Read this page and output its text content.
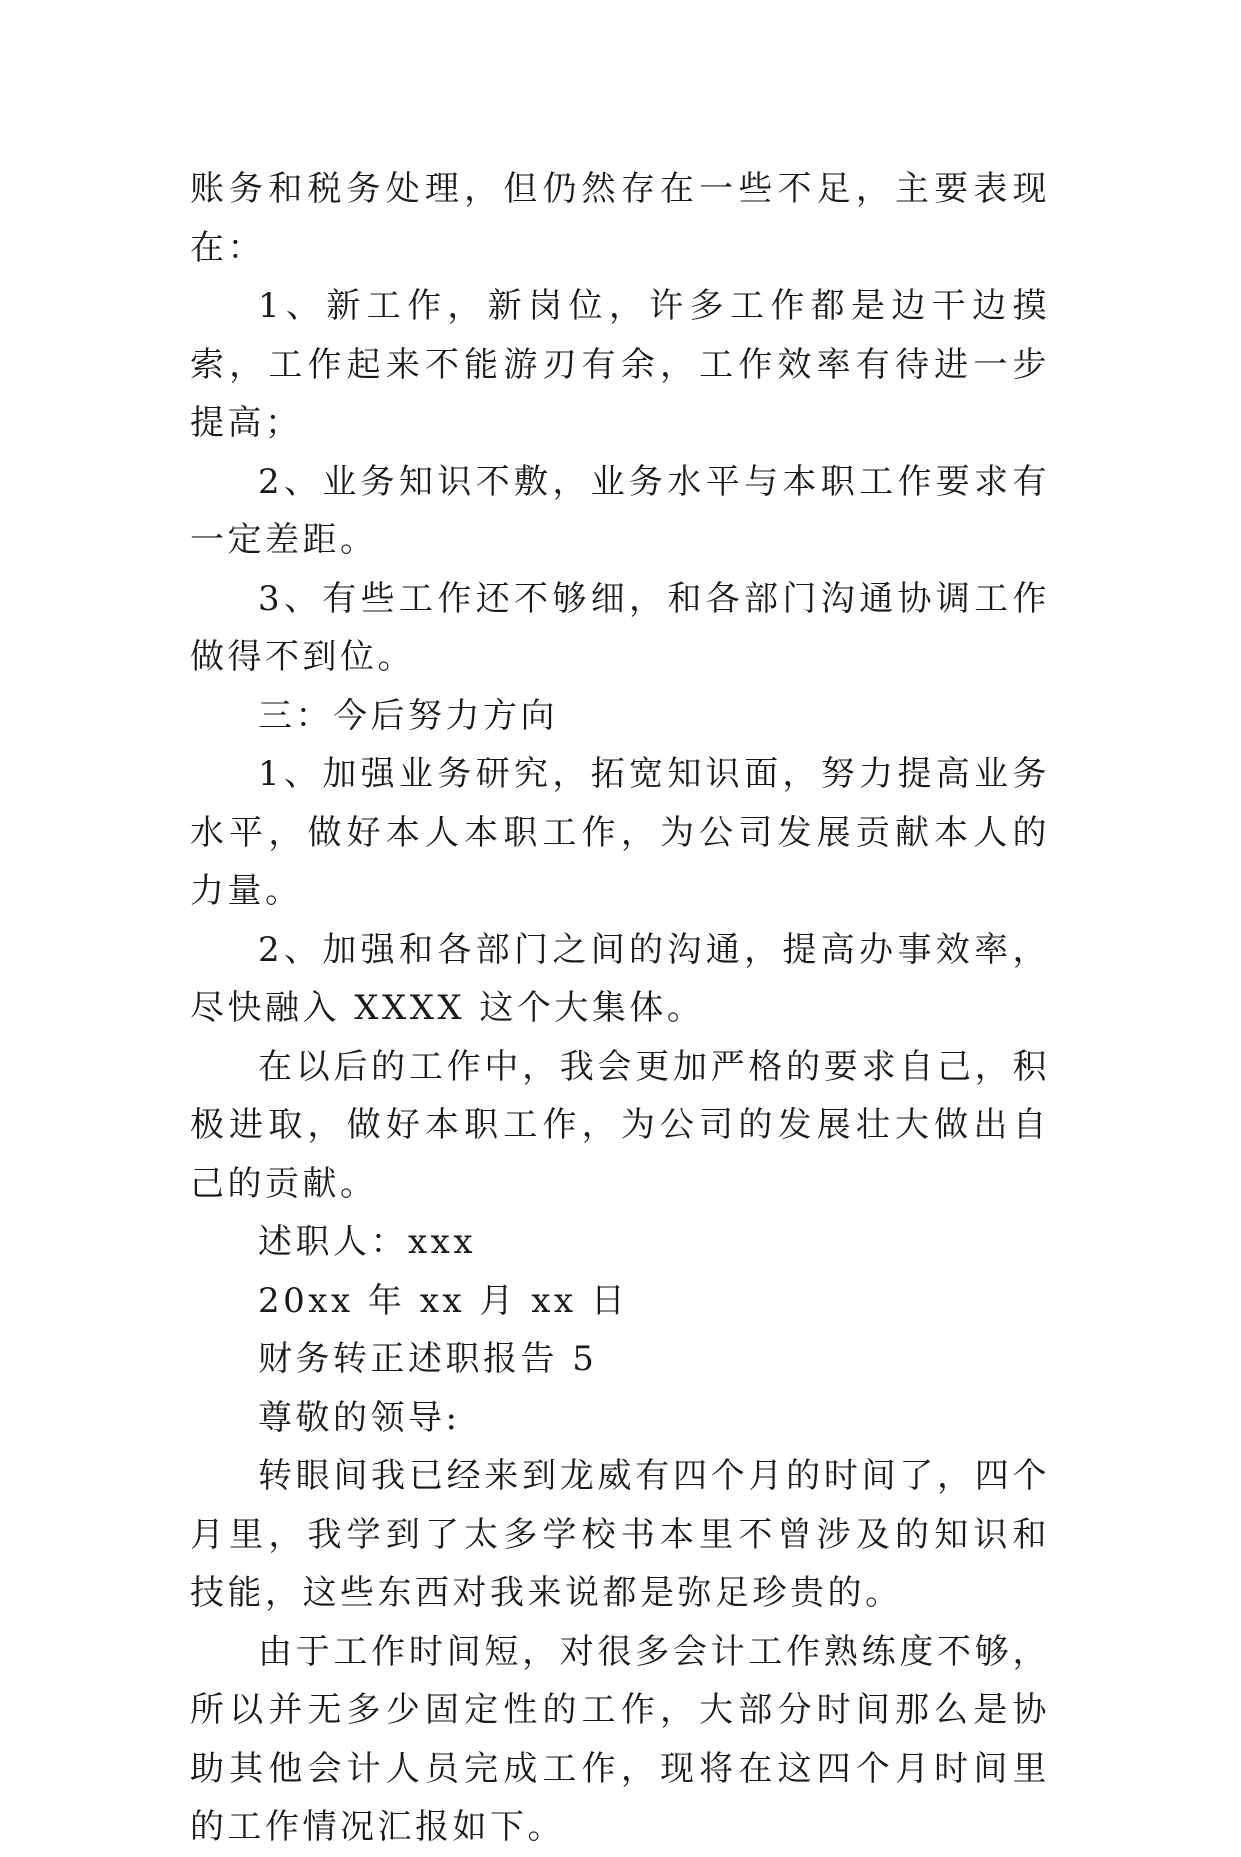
账务和税务处理，但仍然存在一些不足，主要表现在：

1、新工作，新岗位，许多工作都是边干边摸索，工作起来不能游刃有余，工作效率有待进一步提高；

2、业务知识不敷，业务水平与本职工作要求有一定差距。

3、有些工作还不够细，和各部门沟通协调工作做得不到位。

三：今后努力方向

1、加强业务研究，拓宽知识面，努力提高业务水平，做好本人本职工作，为公司发展贡献本人的力量。

2、加强和各部门之间的沟通，提高办事效率，尽快融入 XXXX 这个大集体。

在以后的工作中，我会更加严格的要求自己，积极进取，做好本职工作，为公司的发展壮大做出自己的贡献。

述职人：xxx

20xx 年 xx 月 xx 日

财务转正述职报告 5

尊敬的领导:

转眼间我已经来到龙威有四个月的时间了，四个月里，我学到了太多学校书本里不曾涉及的知识和技能，这些东西对我来说都是弥足珍贵的。

由于工作时间短，对很多会计工作熟练度不够，所以并无多少固定性的工作，大部分时间那么是协助其他会计人员完成工作，现将在这四个月时间里的工作情况汇报如下。
